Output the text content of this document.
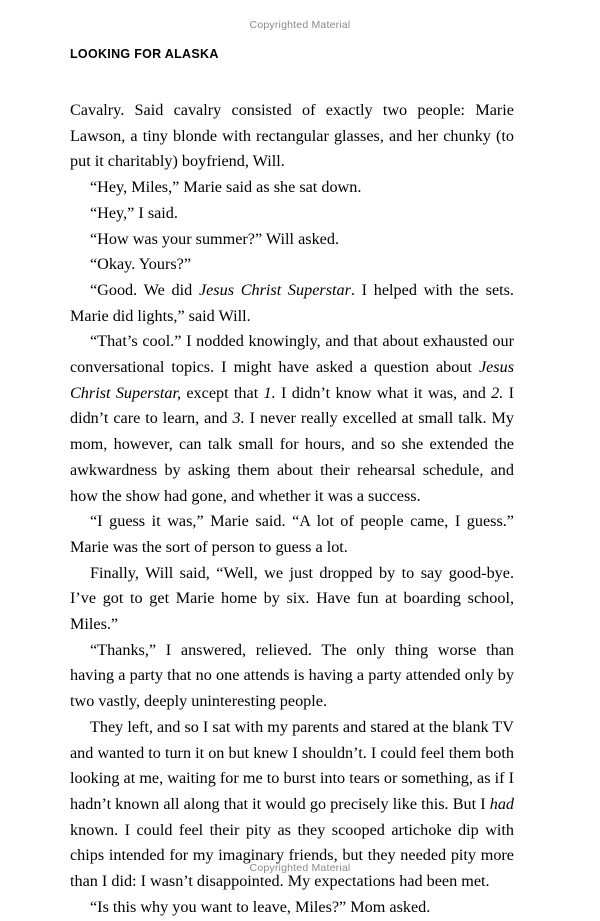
Copyrighted Material
LOOKING FOR ALASKA

Cavalry. Said cavalry consisted of exactly two people: Marie Lawson, a tiny blonde with rectangular glasses, and her chunky (to put it charitably) boyfriend, Will.

“Hey, Miles,” Marie said as she sat down.

“Hey,” I said.

“How was your summer?” Will asked.

“Okay. Yours?”

“Good. We did Jesus Christ Superstar. I helped with the sets. Marie did lights,” said Will.

“That’s cool.” I nodded knowingly, and that about exhausted our conversational topics. I might have asked a question about Jesus Christ Superstar, except that 1. I didn’t know what it was, and 2. I didn’t care to learn, and 3. I never really excelled at small talk. My mom, however, can talk small for hours, and so she extended the awkwardness by asking them about their rehearsal schedule, and how the show had gone, and whether it was a success.

“I guess it was,” Marie said. “A lot of people came, I guess.” Marie was the sort of person to guess a lot.

Finally, Will said, “Well, we just dropped by to say good-bye. I’ve got to get Marie home by six. Have fun at boarding school, Miles.”

“Thanks,” I answered, relieved. The only thing worse than having a party that no one attends is having a party attended only by two vastly, deeply uninteresting people.

They left, and so I sat with my parents and stared at the blank TV and wanted to turn it on but knew I shouldn’t. I could feel them both looking at me, waiting for me to burst into tears or something, as if I hadn’t known all along that it would go precisely like this. But I had known. I could feel their pity as they scooped artichoke dip with chips intended for my imaginary friends, but they needed pity more than I did: I wasn’t disappointed. My expectations had been met.

“Is this why you want to leave, Miles?” Mom asked.

Copyrighted Material
